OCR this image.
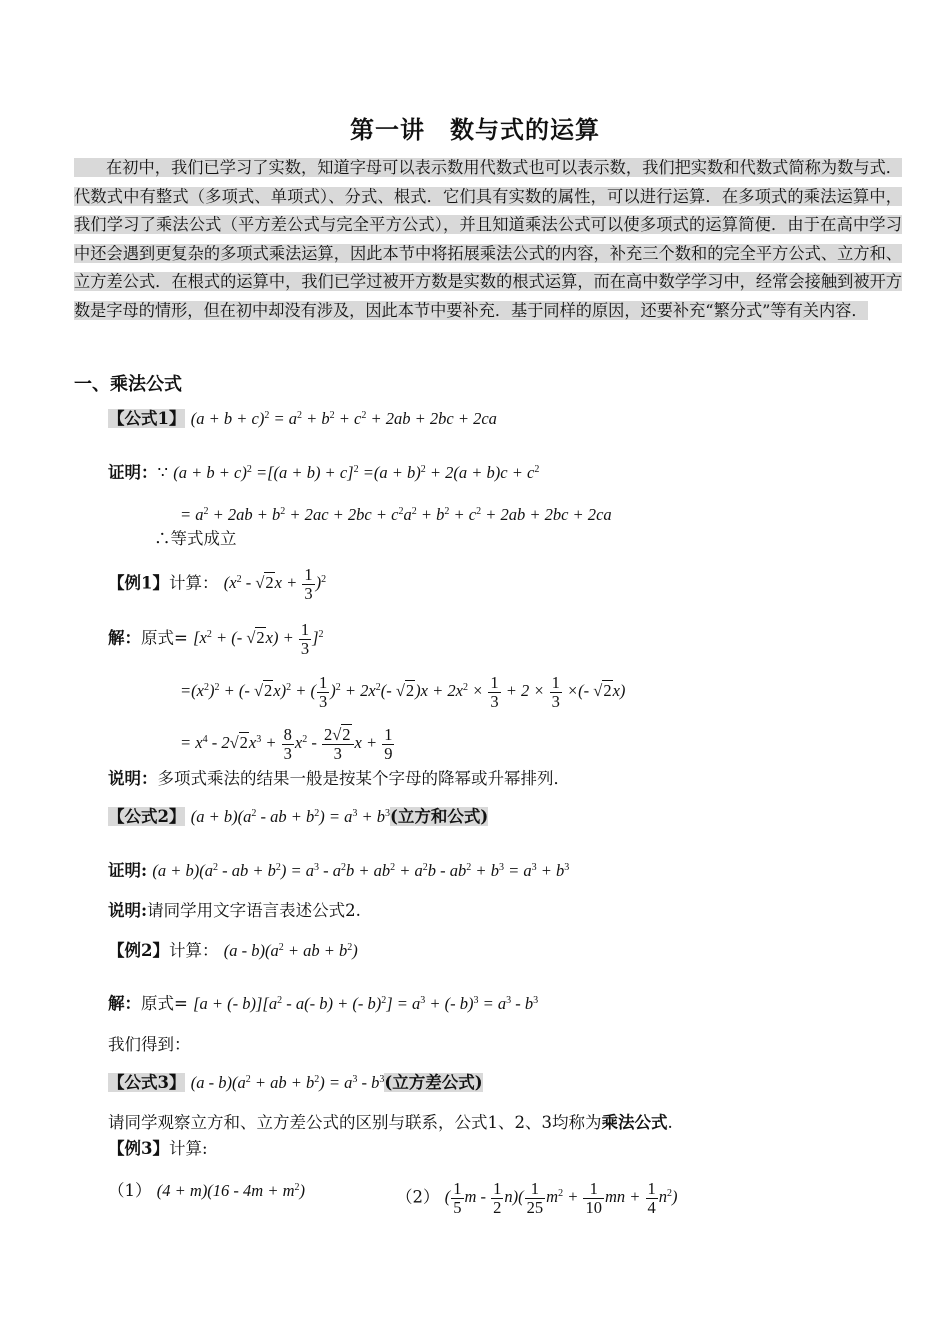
第一讲　数与式的运算
在初中，我们已学习了实数，知道字母可以表示数用代数式也可以表示数，我们把实数和代数式简称为数与式．代数式中有整式（多项式、单项式）、分式、根式．它们具有实数的属性，可以进行运算．在多项式的乘法运算中，我们学习了乘法公式（平方差公式与完全平方公式），并且知道乘法公式可以使多项式的运算简便．由于在高中学习中还会遇到更复杂的多项式乘法运算，因此本节中将拓展乘法公式的内容，补充三个数和的完全平方公式、立方和、立方差公式．在根式的运算中，我们已学过被开方数是实数的根式运算，而在高中数学学习中，经常会接触到被开方数是字母的情形，但在初中却没有涉及，因此本节中要补充．基于同样的原因，还要补充“繁分式”等有关内容．
一、乘法公式
【公式1】 $(a + b + c)^2 = a^2 + b^2 + c^2 + 2ab + 2bc + 2ca$
证明：∵ $(a + b + c)^2 =[(a + b) + c]^2 =(a + b)^2 + 2(a + b)c + c^2$
= $a^2 + 2ab + b^2 + 2ac + 2bc + c^2a^2 + b^2 + c^2 + 2ab + 2bc + 2ca$
∴等式成立
【例1】计算： $(x^2 - √2x + \frac{1}{3} )^2$
解：原式= [$x^2$ + (- $√2x) + \frac{1}{3} ]^2$
$=(x^2)^2$ + (- √2x)$^2$ + ( $\frac{1}{3} )^2 + 2x^2(-$ $√2)x + 2x^2 \times \frac{1}{3} + 2 \times \frac{1}{3}$ ×(- √2x)
= $x^4 - 2√2x^3 + \frac{8}{3} x^2 - \frac{2√2}{3}$ $x + \frac{1}{9}$
说明：多项式乘法的结果一般是按某个字母的降幂或升幂排列．
【公式2】 $(a + b)(a^2$ - ab + $b^2) = a^3 + b^3$(立方和公式)
证明: $(a + b)(a^2$ - ab + $b^2) = a^3 - a^2b + ab^2 + a^2b - ab^2 + b^3 = a^3 + b^3$
说明:请同学用文字语言表述公式2.
【例2】计算： $(a - b)(a^2$ + ab + $b^2$)
解：原式= [a + (- $b)][a^2 - a(-$ b) + (- $b)^2] = a^3$ + (- $b)^3 = a^3 - b^3$
我们得到：
【公式3】 $(a - b)(a^2$ + ab + $b^2) = a^3 - b^3$(立方差公式)
请同学观察立方和、立方差公式的区别与联系，公式1、2、3均称为乘法公式.
【例3】计算:
（1） $(4 + m)(16 - 4m + m^2)$	（2） ( $\frac{1}{5}$ $m - \frac{1}{2} n)( \frac{1}{25} m^2 + \frac{1}{10}$ mn + $\frac{1}{4} n^2$)
